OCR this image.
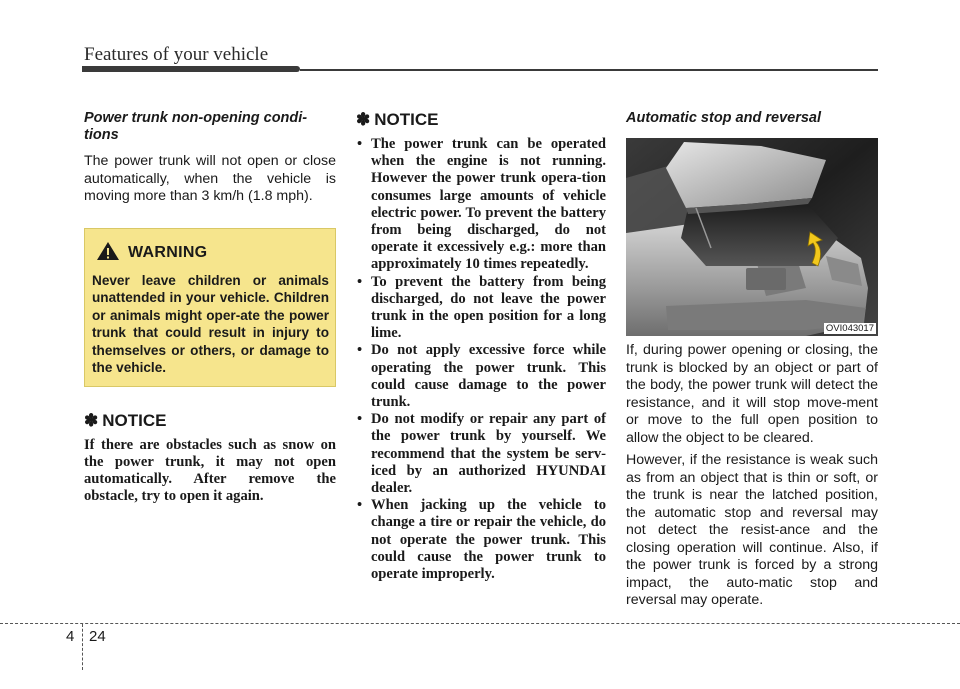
Features of your vehicle
Power trunk non-opening condi-tions
The power trunk will not open or close automatically, when the vehicle is moving more than 3 km/h (1.8 mph).
WARNING
Never leave children or animals unattended in your vehicle. Children or animals might oper-ate the power trunk that could result in injury to themselves or others, or damage to the vehicle.
✽ NOTICE
If there are obstacles such as snow on the power trunk, it may not open automatically. After remove the obstacle, try to open it again.
✽ NOTICE
• The power trunk can be operated when the engine is not running. However the power trunk opera-tion consumes large amounts of vehicle electric power. To prevent the battery from being discharged, do not operate it excessively e.g.: more than approximately 10 times repeatedly.
• To prevent the battery from being discharged, do not leave the power trunk in the open position for a long lime.
• Do not apply excessive force while operating the power trunk. This could cause damage to the power trunk.
• Do not modify or repair any part of the power trunk by yourself. We recommend that the system be serv-iced by an authorized HYUNDAI dealer.
• When jacking up the vehicle to change a tire or repair the vehicle, do not operate the power trunk. This could cause the power trunk to operate improperly.
Automatic stop and reversal
OVI043017
If, during power opening or closing, the trunk is blocked by an object or part of the body, the power trunk will detect the resistance, and it will stop move-ment or move to the full open position to allow the object to be cleared.
However, if the resistance is weak such as from an object that is thin or soft, or the trunk is near the latched position, the automatic stop and reversal may not detect the resist-ance and the closing operation will continue. Also, if the power trunk is forced by a strong impact, the auto-matic stop and reversal may operate.
4 24
